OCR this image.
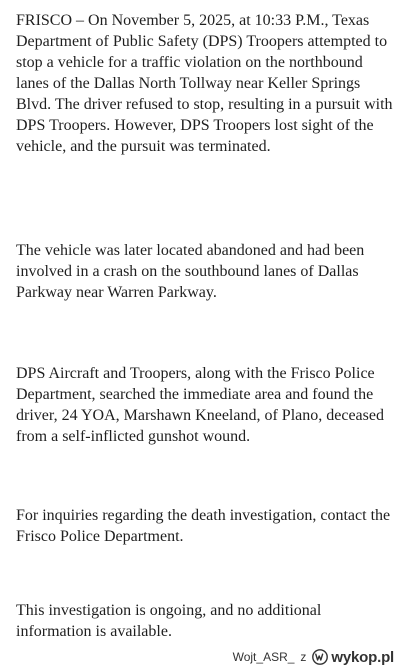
FRISCO – On November 5, 2025, at 10:33 P.M., Texas Department of Public Safety (DPS) Troopers attempted to stop a vehicle for a traffic violation on the northbound lanes of the Dallas North Tollway near Keller Springs Blvd. The driver refused to stop, resulting in a pursuit with DPS Troopers. However, DPS Troopers lost sight of the vehicle, and the pursuit was terminated.

The vehicle was later located abandoned and had been involved in a crash on the southbound lanes of Dallas Parkway near Warren Parkway.

DPS Aircraft and Troopers, along with the Frisco Police Department, searched the immediate area and found the driver, 24 YOA, Marshawn Kneeland, of Plano, deceased from a self-inflicted gunshot wound.

For inquiries regarding the death investigation, contact the Frisco Police Department.

This investigation is ongoing, and no additional information is available.

Wojt_ASR_ z wykop.pl
